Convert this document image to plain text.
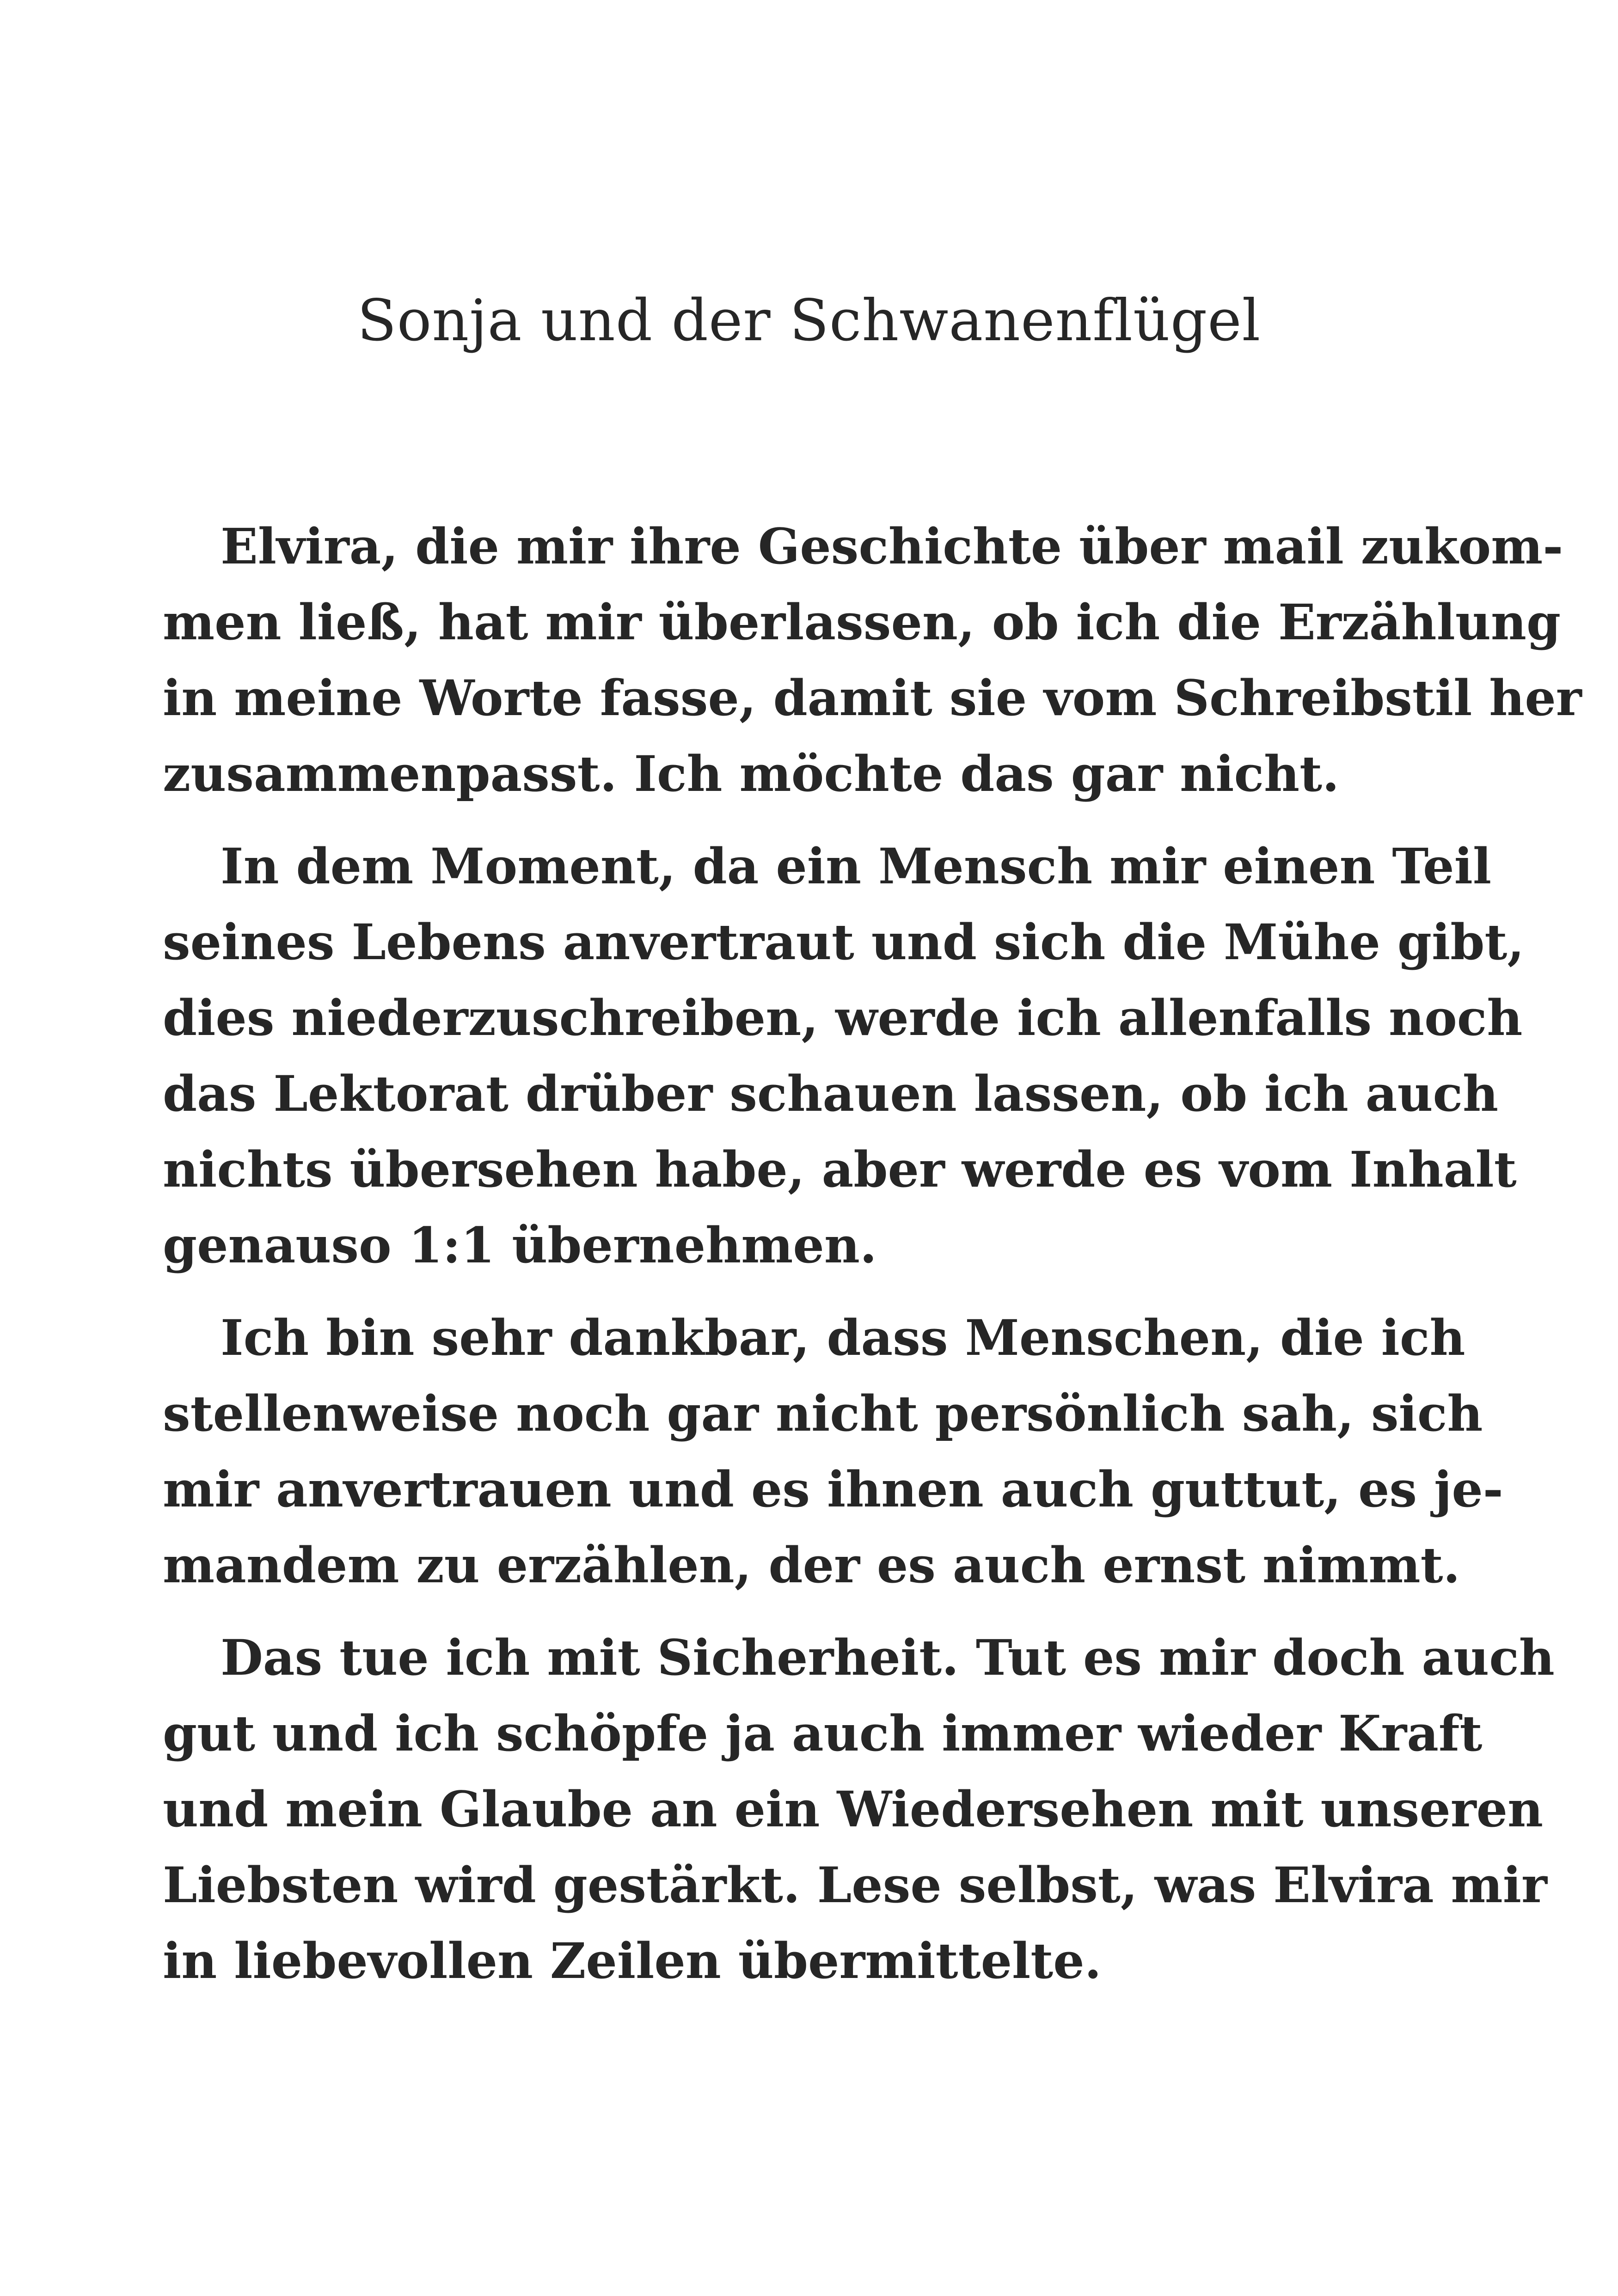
Sonja und der Schwanenflügel
Elvira, die mir ihre Geschichte über mail zukom-
men ließ, hat mir überlassen, ob ich die Erzählung
in meine Worte fasse, damit sie vom Schreibstil her
zusammenpasst. Ich möchte das gar nicht.
In dem Moment, da ein Mensch mir einen Teil
seines Lebens anvertraut und sich die Mühe gibt,
dies niederzuschreiben, werde ich allenfalls noch
das Lektorat drüber schauen lassen, ob ich auch
nichts übersehen habe, aber werde es vom Inhalt
genauso 1:1 übernehmen.
Ich bin sehr dankbar, dass Menschen, die ich
stellenweise noch gar nicht persönlich sah, sich
mir anvertrauen und es ihnen auch guttut, es je-
mandem zu erzählen, der es auch ernst nimmt.
Das tue ich mit Sicherheit. Tut es mir doch auch
gut und ich schöpfe ja auch immer wieder Kraft
und mein Glaube an ein Wiedersehen mit unseren
Liebsten wird gestärkt. Lese selbst, was Elvira mir
in liebevollen Zeilen übermittelte.
